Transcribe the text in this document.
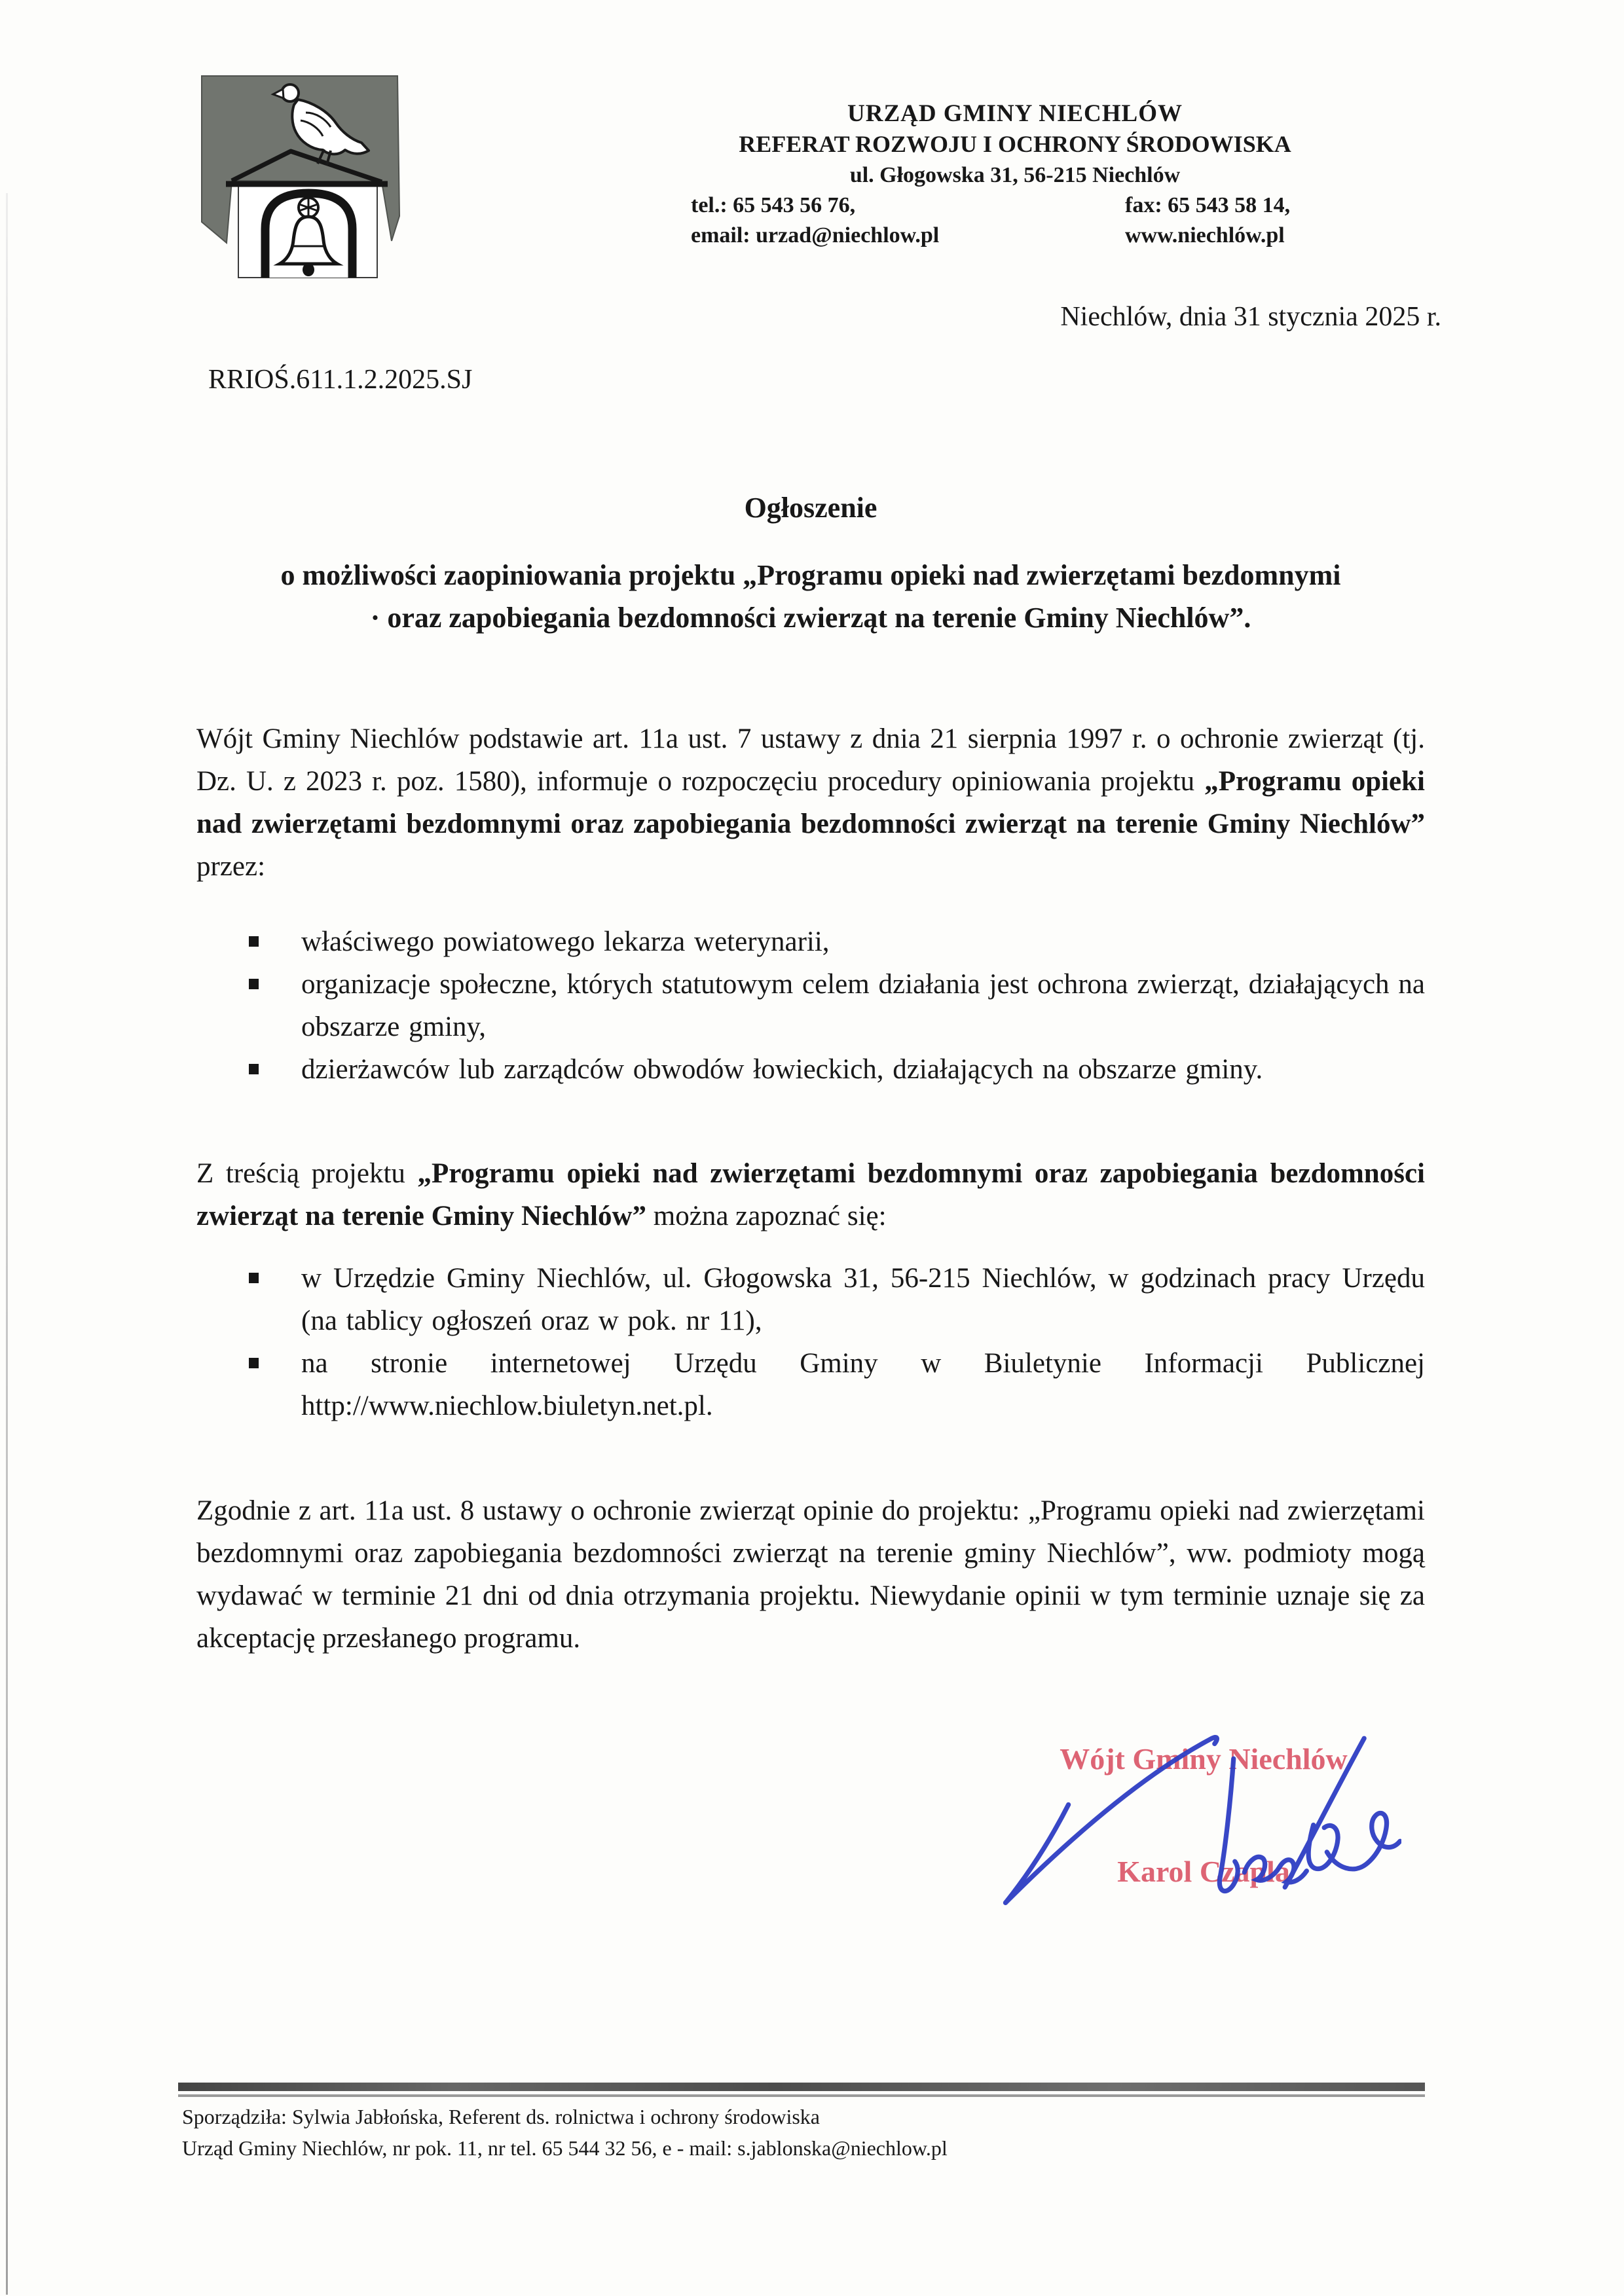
URZĄD GMINY NIECHLÓW
REFERAT ROZWOJU I OCHRONY ŚRODOWISKA
ul. Głogowska 31, 56-215 Niechlów
tel.: 65 543 56 76,	fax: 65 543 58 14,
email: urzad@niechlow.pl	www.niechlów.pl
Niechlów, dnia 31 stycznia 2025 r.
RRIOŚ.611.1.2.2025.SJ
Ogłoszenie
o możliwości zaopiniowania projektu „Programu opieki nad zwierzętami bezdomnymi
· oraz zapobiegania bezdomności zwierząt na terenie Gminy Niechlów”.
Wójt Gminy Niechlów podstawie art. 11a ust. 7 ustawy z dnia 21 sierpnia 1997 r. o ochronie zwierząt (tj. Dz. U. z 2023 r. poz. 1580), informuje o rozpoczęciu procedury opiniowania projektu „Programu opieki nad zwierzętami bezdomnymi oraz zapobiegania bezdomności zwierząt na terenie Gminy Niechlów” przez:
właściwego powiatowego lekarza weterynarii,
organizacje społeczne, których statutowym celem działania jest ochrona zwierząt, działających na obszarze gminy,
dzierżawców lub zarządców obwodów łowieckich, działających na obszarze gminy.
Z treścią projektu „Programu opieki nad zwierzętami bezdomnymi oraz zapobiegania bezdomności zwierząt na terenie Gminy Niechlów” można zapoznać się:
w Urzędzie Gminy Niechlów, ul. Głogowska 31, 56-215 Niechlów, w godzinach pracy Urzędu (na tablicy ogłoszeń oraz w pok. nr 11),
na stronie internetowej Urzędu Gminy w Biuletynie Informacji Publicznej http://www.niechlow.biuletyn.net.pl.
Zgodnie z art. 11a ust. 8 ustawy o ochronie zwierząt opinie do projektu: „Programu opieki nad zwierzętami bezdomnymi oraz zapobiegania bezdomności zwierząt na terenie gminy Niechlów”, ww. podmioty mogą wydawać w terminie 21 dni od dnia otrzymania projektu. Niewydanie opinii w tym terminie uznaje się za akceptację przesłanego programu.
Wójt Gminy Niechlów
Karol Czapla
Sporządziła: Sylwia Jabłońska, Referent ds. rolnictwa i ochrony środowiska
Urząd Gminy Niechlów, nr pok. 11, nr tel. 65 544 32 56, e - mail: s.jablonska@niechlow.pl
